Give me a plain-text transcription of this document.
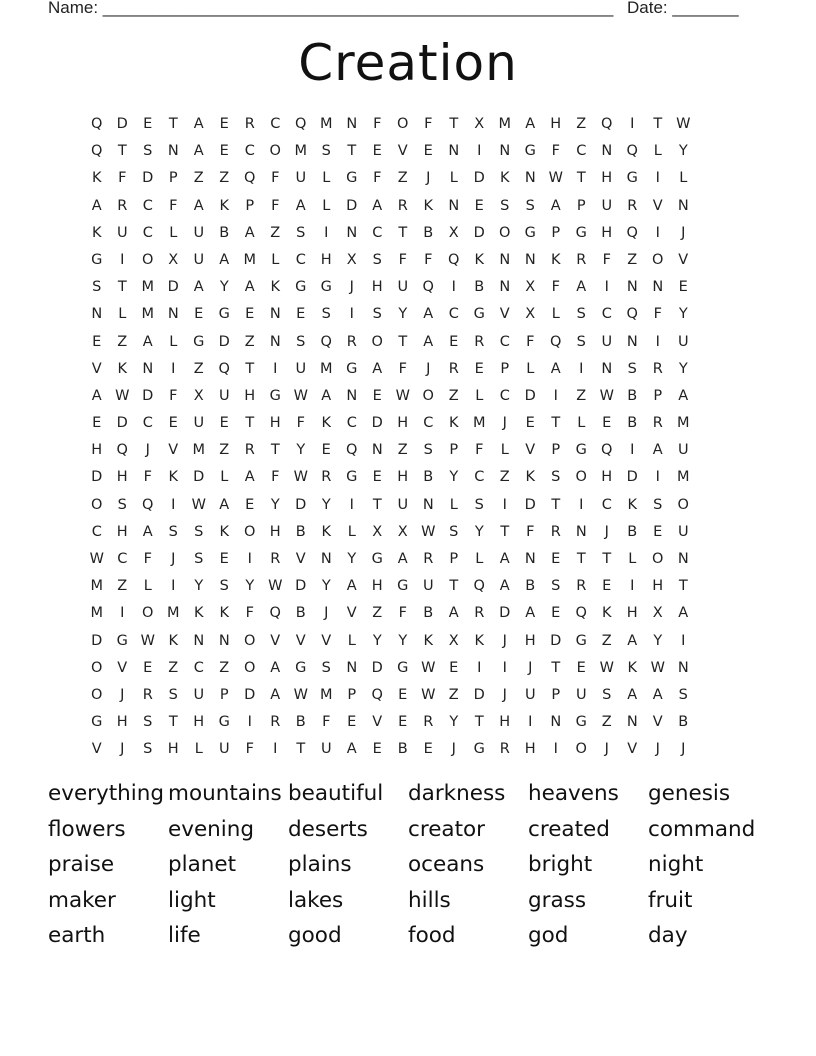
Name: ______________________________________________________ Date: _______
Creation
Q D	E	T	A	E	R	C	Q M N	F	O	F	T	X M A	H	Z	Q	I	T W
Q	T	S	N	A	E	C	O M	S	T	E	V	E	N	I	N G	F	C	N Q	L	Y
K	F	D	P	Z	Z	Q	F	U	L	G	F	Z	J	L	D	K	N W T	H G	I	L
A	R	C	F	A	K	P	F	A	L	D	A	R	K	N	E	S	S	A	P	U	R	V	N
K	U	C	L	U	B	A	Z	S	I	N	C	T	B	X	D O G	P	G H Q	I	J
G	I	O	X	U	A M	L	C	H	X	S	F	F	Q	K	N	N	K	R	F	Z	O	V
S	T	M D	A	Y	A	K	G G	J	H	U Q	I	B	N	X	F	A	I	N	N	E
N	L	M N	E	G	E	N	E	S	I	S	Y	A	C	G	V	X	L	S	C	Q	F	Y
E	Z	A	L	G D	Z	N	S	Q	R	O	T	A	E	R	C	F	Q	S	U	N	I	U
V	K	N	I	Z	Q	T	I	U M G	A	F	J	R	E	P	L	A	I	N	S	R	Y
A W D	F	X	U	H G W A	N	E W O	Z	L	C	D	I	Z W B	P	A
E	D	C	E	U	E	T	H	F	K	C	D H	C	K M	J	E	T	L	E	B	R M
H Q	J	V M Z	R	T	Y	E	Q N	Z	S	P	F	L	V	P	G Q	I	A	U
D H	F	K	D	L	A	F W R	G	E	H	B	Y	C	Z	K	S	O H D	I	M
O	S	Q	I	W A	E	Y	D	Y	I	T	U	N	L	S	I	D	T	I	C	K	S	O
C	H	A	S	S	K	O H	B	K	L	X	X W S	Y	T	F	R	N	J	B	E	U
W C	F	J	S	E	I	R	V	N	Y	G	A	R	P	L	A	N	E	T	T	L	O N
M Z	L	I	Y	S	Y W D	Y	A	H G	U	T	Q	A	B	S	R	E	I	H	T
M	I	O M K	K	F	Q	B	J	V	Z	F	B	A	R	D	A	E	Q	K	H	X	A
D G W K	N	N O	V	V	V	L	Y	Y	K	X	K	J	H D G	Z	A	Y	I
O	V	E	Z	C	Z	O	A	G	S	N D G W E	I	I	J	T	E W K W N
O	J	R	S	U	P	D	A W M	P	Q	E W Z	D	J	U	P	U	S	A	A	S
G H	S	T	H G	I	R	B	F	E	V	E	R	Y	T	H	I	N G	Z	N	V	B
V	J	S	H	L	U	F	I	T	U	A	E	B	E	J	G	R	H	I	O	J	V	J	J
everything mountains beautiful	darkness	heavens	genesis
flowers	evening	deserts	creator	created	command
praise	planet	plains	oceans	bright	night
maker	light	lakes	hills	grass	fruit
earth	life	good	food	god	day
